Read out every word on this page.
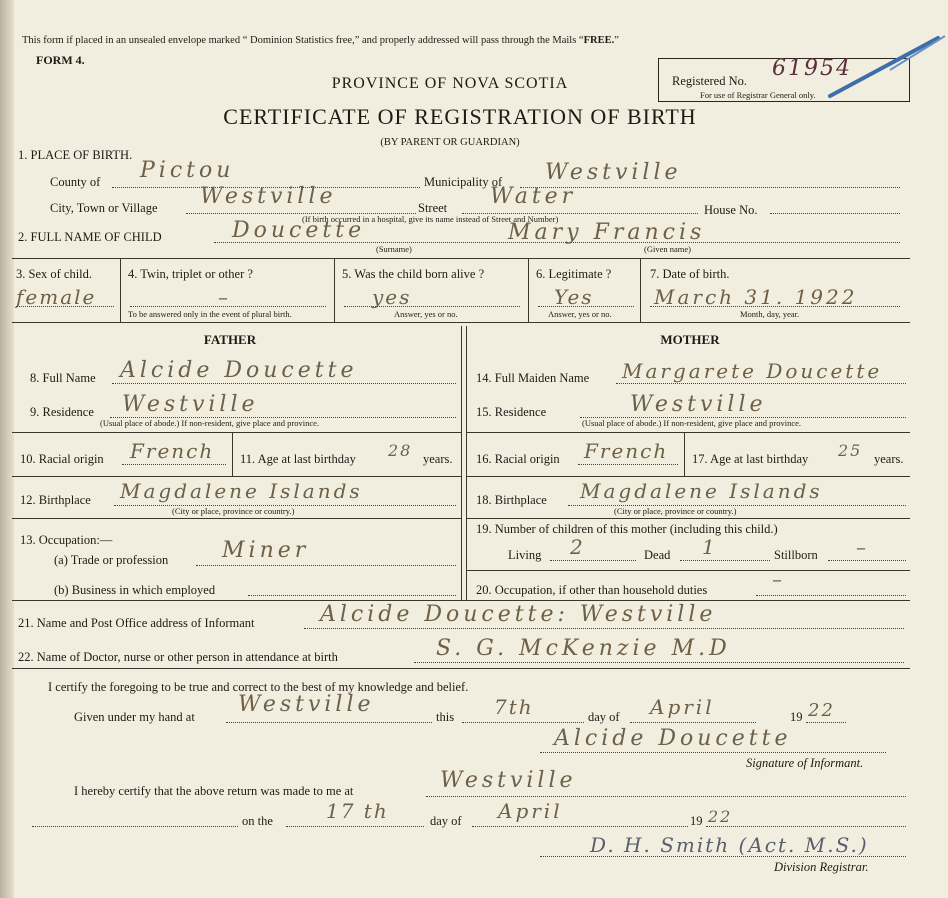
This form if placed in an unsealed envelope marked “ Dominion Statistics free,” and properly addressed will pass through the Mails “FREE.”
FORM 4.
PROVINCE OF NOVA SCOTIA
CERTIFICATE OF REGISTRATION OF BIRTH
(BY PARENT OR GUARDIAN)
Registered No. 61954
For use of Registrar General only.
1. PLACE OF BIRTH.
County of Pictou	Municipality of Westville
City, Town or Village Westville	Street Water
House No.
(If birth occurred in a hospital, give its name instead of Street and Number)
2. FULL NAME OF CHILD	Doucette
(Surname)
Mary Francis
(Given name)
3. Sex of child.
female
4. Twin, triplet or other ?
–
To be answered only in the event of plural birth.
5. Was the child born alive ?
yes
Answer, yes or no.
6. Legitimate ?
Yes
Answer, yes or no.
7. Date of birth.
March 31. 1922
Month, day, year.
FATHER	MOTHER
8. Full Name Alcide Doucette
9. Residence Westville
(Usual place of abode.) If non-resident, give place and province.
10. Racial origin French 11. Age at last birthday 28 years.
12. Birthplace Magdalene Islands
(City or place, province or country.)
13. Occupation:—
(a) Trade or profession Miner
(b) Business in which employed
14. Full Maiden Name Margarete Doucette
15. Residence	Westville
(Usual place of abode.) If non-resident, give place and province.
16. Racial origin French 17. Age at last birthday 25 years.
18. Birthplace Magdalene Islands
(City or place, province or country.)
19. Number of children of this mother (including this child.)
Living 2	Dead 1	Stillborn –
20. Occupation, if other than household duties	–
21. Name and Post Office address of Informant	Alcide Doucette: Westville
22. Name of Doctor, nurse or other person in attendance at birth	S. G. McKenzie M.D
I certify the foregoing to be true and correct to the best of my knowledge and belief.
Given under my hand at Westville	this 7th	day of April	19 22
Alcide Doucette
Signature of Informant.
I hereby certify that the above return was made to me at	Westville
on the	17 th	day of April	19 22
D. H. Smith (Act. M.S.)
Division Registrar.
